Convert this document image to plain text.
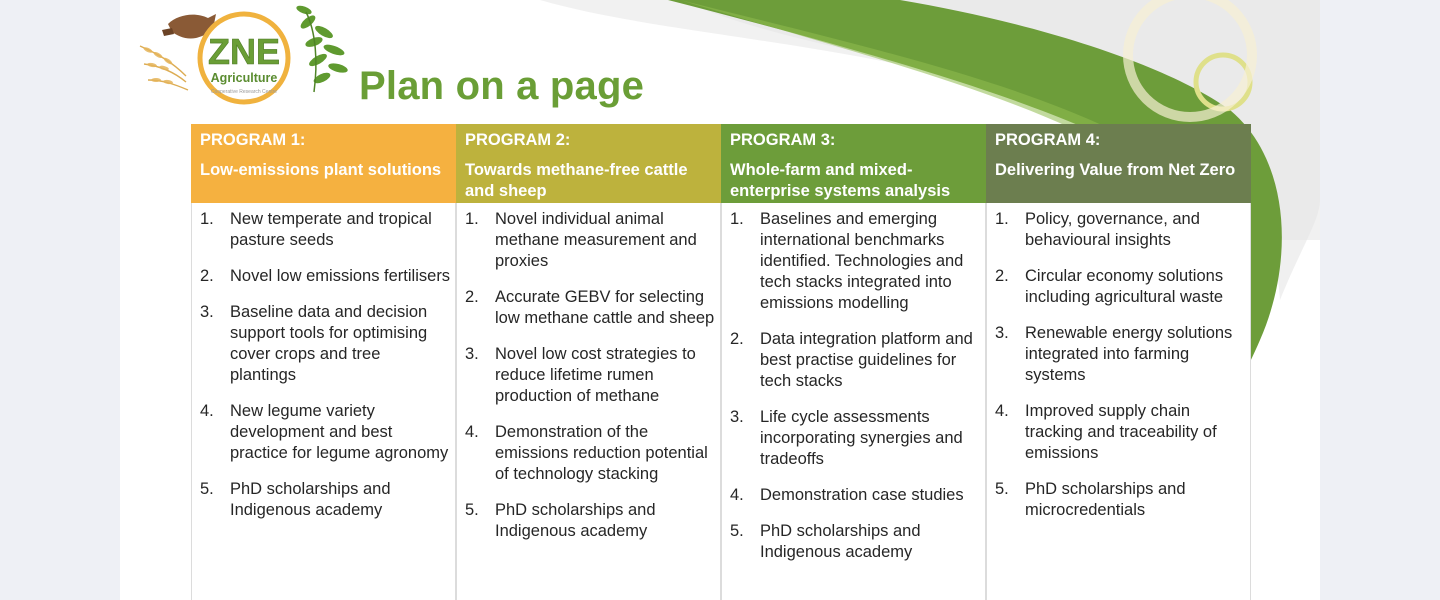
ZNE
Agriculture
Cooperative Research Centre Plan on a page
PROGRAM 1:
Low-emissions plant solutions
1. New temperate and tropical pasture seeds
2. Novel low emissions fertilisers
3. Baseline data and decision support tools for optimising cover crops and tree plantings
4. New legume variety development and best practice for legume agronomy
5. PhD scholarships and Indigenous academy
PROGRAM 2:
Towards methane-free cattle and sheep
1. Novel individual animal methane measurement and proxies
2. Accurate GEBV for selecting low methane cattle and sheep
3. Novel low cost strategies to reduce lifetime rumen production of methane
4. Demonstration of the emissions reduction potential of technology stacking
5. PhD scholarships and Indigenous academy
PROGRAM 3:
Whole-farm and mixed-enterprise systems analysis
1. Baselines and emerging international benchmarks identified. Technologies and tech stacks integrated into emissions modelling
2. Data integration platform and best practise guidelines for tech stacks
3. Life cycle assessments incorporating synergies and tradeoffs
4. Demonstration case studies
5. PhD scholarships and Indigenous academy
PROGRAM 4:
Delivering Value from Net Zero
1. Policy, governance, and behavioural insights
2. Circular economy solutions including agricultural waste
3. Renewable energy solutions integrated into farming systems
4. Improved supply chain tracking and traceability of emissions
5. PhD scholarships and microcredentials
